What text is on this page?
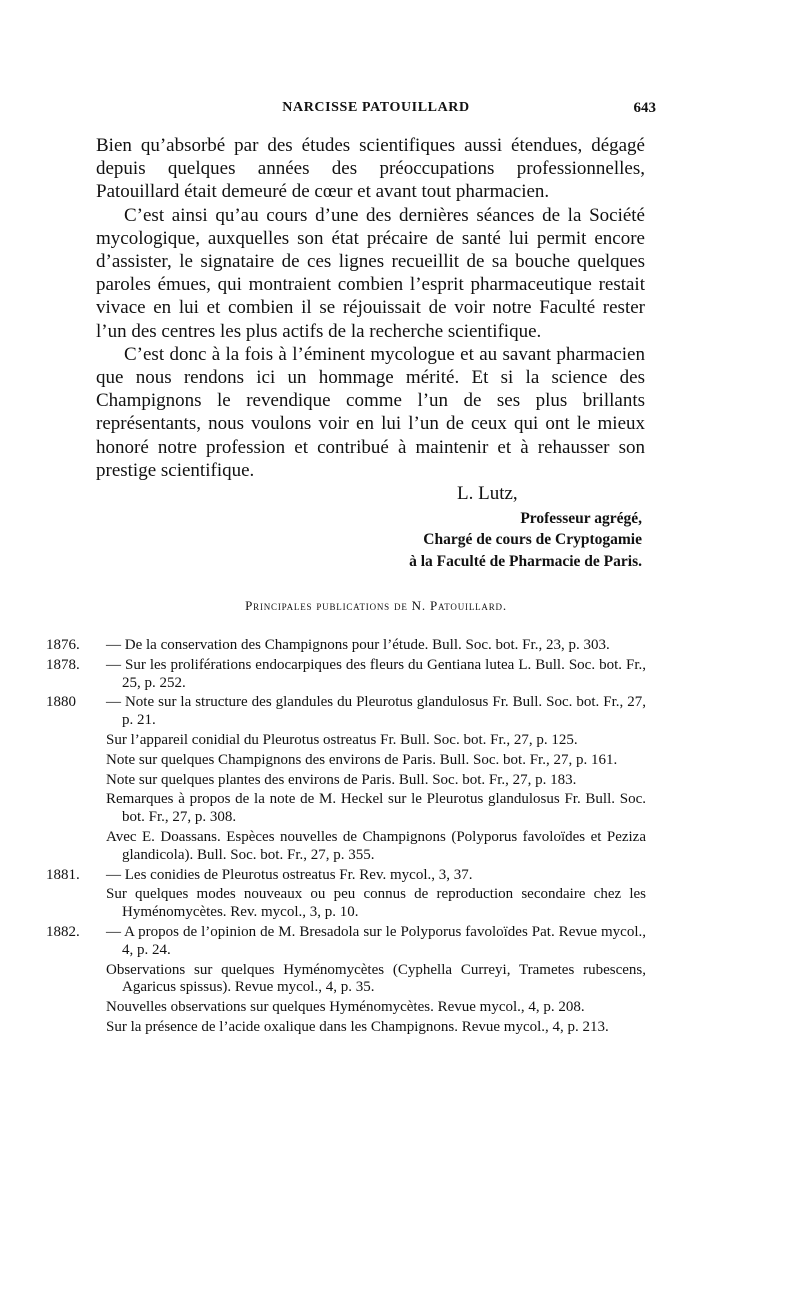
NARCISSE PATOUILLARD	643

Bien qu’absorbé par des études scientifiques aussi étendues, dégagé depuis quelques années des préoccupations professionnelles, Patouillard était demeuré de cœur et avant tout pharmacien.

C’est ainsi qu’au cours d’une des dernières séances de la Société mycologique, auxquelles son état précaire de santé lui permit encore d’assister, le signataire de ces lignes recueillit de sa bouche quelques paroles émues, qui montraient combien l’esprit pharmaceutique restait vivace en lui et combien il se réjouissait de voir notre Faculté rester l’un des centres les plus actifs de la recherche scientifique.

C’est donc à la fois à l’éminent mycologue et au savant pharmacien que nous rendons ici un hommage mérité. Et si la science des Champignons le revendique comme l’un de ses plus brillants représentants, nous voulons voir en lui l’un de ceux qui ont le mieux honoré notre profession et contribué à maintenir et à rehausser son prestige scientifique.

L. Lutz,
Professeur agrégé,
Chargé de cours de Cryptogamie
à la Faculté de Pharmacie de Paris.
Principales publications de N. Patouillard.
1876.	— De la conservation des Champignons pour l’étude. Bull. Soc. bot. Fr., 23, p. 303.
1878.	— Sur les proliférations endocarpiques des fleurs du Gentiana lutea L. Bull. Soc. bot. Fr., 25, p. 252.
1880	— Note sur la structure des glandules du Pleurotus glandulosus Fr. Bull. Soc. bot. Fr., 27, p. 21.
Sur l’appareil conidial du Pleurotus ostreatus Fr. Bull. Soc. bot. Fr., 27, p. 125.
Note sur quelques Champignons des environs de Paris. Bull. Soc. bot. Fr., 27, p. 161.
Note sur quelques plantes des environs de Paris. Bull. Soc. bot. Fr., 27, p. 183.
Remarques à propos de la note de M. Heckel sur le Pleurotus glandulosus Fr. Bull. Soc. bot. Fr., 27, p. 308.
Avec E. Doassans. Espèces nouvelles de Champignons (Polyporus favoloïdes et Peziza glandicola). Bull. Soc. bot. Fr., 27, p. 355.
1881.	— Les conidies de Pleurotus ostreatus Fr. Rev. mycol., 3, 37.
Sur quelques modes nouveaux ou peu connus de reproduction secondaire chez les Hyménomycètes. Rev. mycol., 3, p. 10.
1882.	— A propos de l’opinion de M. Bresadola sur le Polyporus favoloïdes Pat. Revue mycol., 4, p. 24.
Observations sur quelques Hyménomycètes (Cyphella Curreyi, Trametes rubescens, Agaricus spissus). Revue mycol., 4, p. 35.
Nouvelles observations sur quelques Hyménomycètes. Revue mycol., 4, p. 208.
Sur la présence de l’acide oxalique dans les Champignons. Revue mycol., 4, p. 213.
